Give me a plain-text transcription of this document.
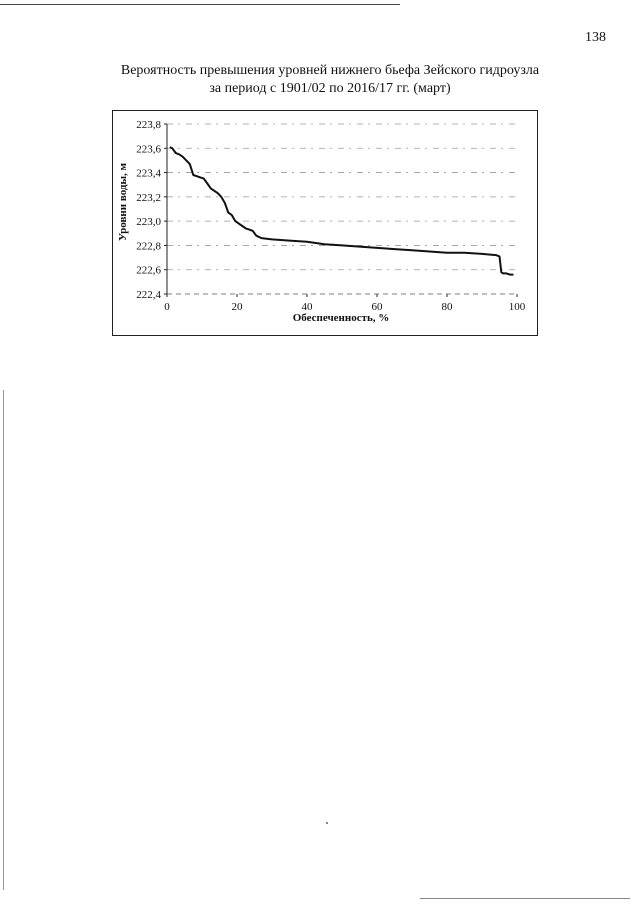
138
Вероятность превышения уровней нижнего бьефа Зейского гидроузла
за период с 1901/02 по 2016/17 гг. (март)
222,4
222,6
222,8
223,0
223,2
223,4
223,6
223,8
0	20	40	60	80	100
Обеспеченность, %
Уровни воды, м
